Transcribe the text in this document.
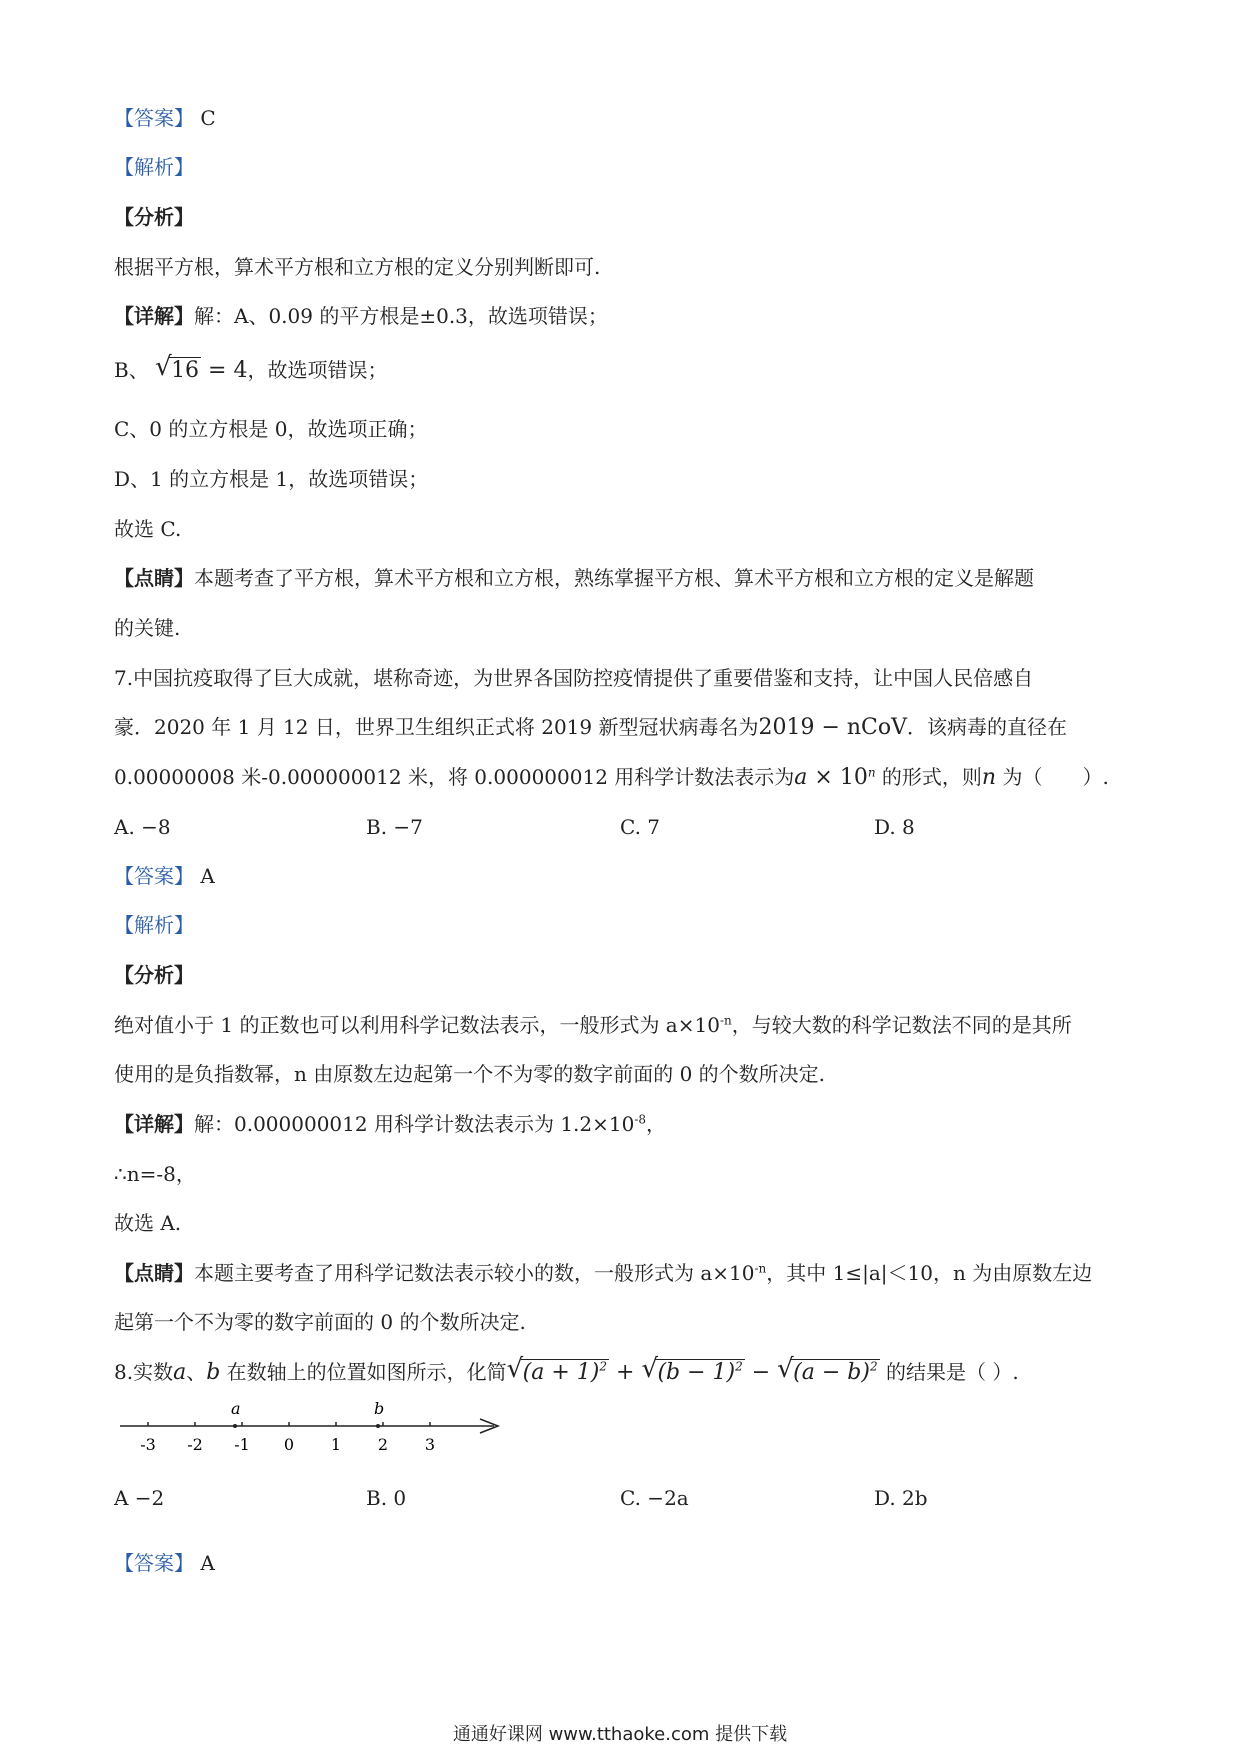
【答案】 C
【解析】
【分析】
根据平方根，算术平方根和立方根的定义分别判断即可.
【详解】解：A、0.09 的平方根是±0.3，故选项错误；
B、 √ 16 = 4，故选项错误；
C、0 的立方根是 0，故选项正确；
D、1 的立方根是 1，故选项错误；
故选 C.
【点睛】本题考查了平方根，算术平方根和立方根，熟练掌握平方根、算术平方根和立方根的定义是解题
的关键.
7.中国抗疫取得了巨大成就，堪称奇迹，为世界各国防控疫情提供了重要借鉴和支持，让中国人民倍感自
豪．2020 年 1 月 12 日，世界卫生组织正式将 2019 新型冠状病毒名为2019 − nCoV．该病毒的直径在
0.00000008 米-0.000000012 米，将 0.000000012 用科学计数法表示为$a \times 10^n$ 的形式，则n 为（　　）.
A. −8	B. −7	C. 7	D. 8
【答案】 A
【解析】
【分析】
绝对值小于 1 的正数也可以利用科学记数法表示，一般形式为 $a\times 10^{-n}$，与较大数的科学记数法不同的是其所
使用的是负指数幂，n 由原数左边起第一个不为零的数字前面的 0 的个数所决定.
【详解】解：0.000000012 用科学计数法表示为 $1.2\times 10^{-8}$，
∴n=-8，
故选 A.
【点睛】本题主要考查了用科学记数法表示较小的数，一般形式为 $a\times 10^{-n}$，其中 1≤|a|＜10，n 为由原数左边
起第一个不为零的数字前面的 0 的个数所决定.
8.实数a、b 在数轴上的位置如图所示，化简 √ $(a + 1)^2$ + √ $(b - 1)^2$ − √ $(a - b)^2$ 的结果是（ ）.
-3 -2 -1 0 1 2 3
a	b
A −2	B. 0	C. −2a	D. 2b
【答案】 A
通通好课网 www.tthaoke.com 提供下载
